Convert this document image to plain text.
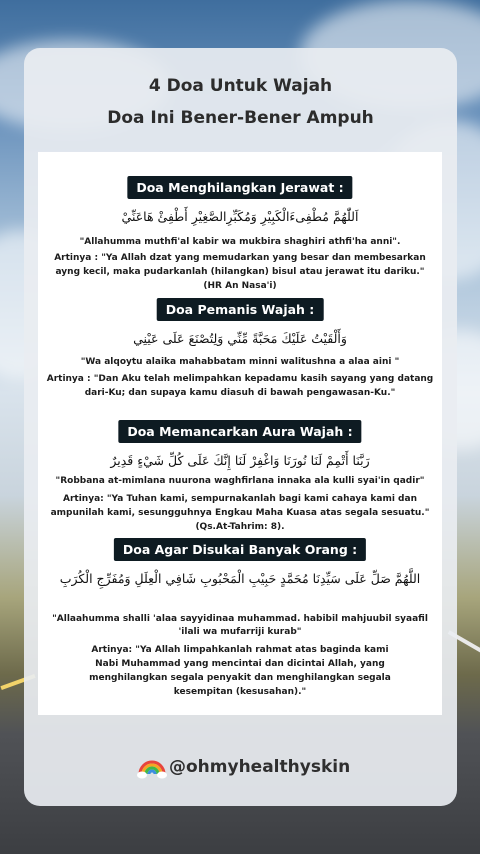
4 Doa Untuk Wajah
Doa Ini Bener-Bener Ampuh
Doa Menghilangkan Jerawat :
اَللّٰهُمَّ مُطْفِىءَالْكَبِيْرِ وَمُكَبِّرِالصَّغِيْرِ أَطْفِئْ هَاعَنِّيْ
"Allahumma muthfi'al kabir wa mukbira shaghiri athfi'ha anni".
Artinya : "Ya Allah dzat yang memudarkan yang besar dan membesarkan ayng kecil, maka pudarkanlah (hilangkan) bisul atau jerawat itu dariku." (HR An Nasa'i)
Doa Pemanis Wajah :
وَأَلْقَيْتُ عَلَيْكَ مَحَبَّةً مِّنِّي وَلِتُصْنَعَ عَلَى عَيْنِي
"Wa alqoytu alaika mahabbatam minni walitushna a alaa aini "
Artinya : "Dan Aku telah melimpahkan kepadamu kasih sayang yang datang dari-Ku; dan supaya kamu diasuh di bawah pengawasan-Ku."
Doa Memancarkan Aura Wajah :
رَبَّنَا أَتْمِمْ لَنَا نُورَنَا وَاغْفِرْ لَنَا إِنَّكَ عَلَى كُلِّ شَيْءٍ قَدِيرٌ
"Robbana at-mimlana nuurona waghfirlana innaka ala kulli syai'in qadir"
Artinya: "Ya Tuhan kami, sempurnakanlah bagi kami cahaya kami dan ampunilah kami, sesungguhnya Engkau Maha Kuasa atas segala sesuatu." (Qs.At-Tahrim: 8).
Doa Agar Disukai Banyak Orang :
اللَّهُمَّ صَلِّ عَلَى سَيِّدِنَا مُحَمَّدٍ حَبِيْبِ الْمَحْبُوبِ شَافِي الْعِلَلِ وَمُفَرِّجِ الْكُرَبِ
"Allaahumma shalli 'alaa sayyidinaa muhammad. habibil mahjuubil syaafil 'ilali wa mufarriji kurab"
Artinya: "Ya Allah limpahkanlah rahmat atas baginda kami Nabi Muhammad yang mencintai dan dicintai Allah, yang menghilangkan segala penyakit dan menghilangkan segala kesempitan (kesusahan)."
@ohmyhealthyskin
